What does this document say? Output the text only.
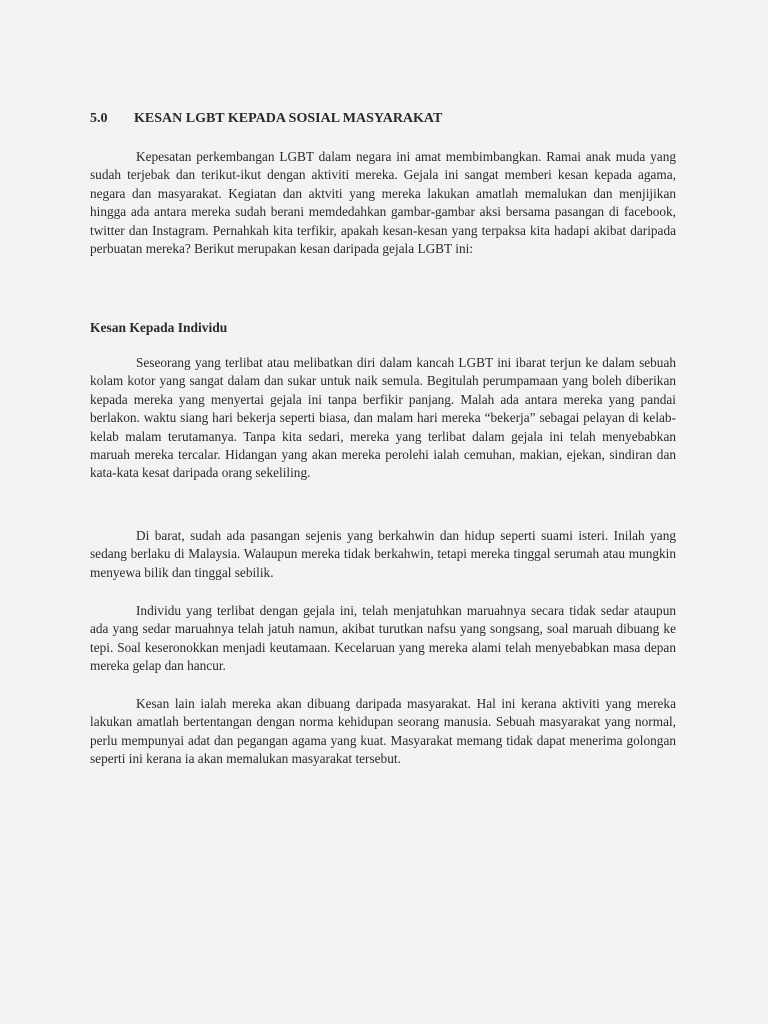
5.0 KESAN LGBT KEPADA SOSIAL MASYARAKAT

Kepesatan perkembangan LGBT dalam negara ini amat membimbangkan. Ramai anak muda yang sudah terjebak dan terikut-ikut dengan aktiviti mereka. Gejala ini sangat memberi kesan kepada agama, negara dan masyarakat. Kegiatan dan aktviti yang mereka lakukan amatlah memalukan dan menjijikan hingga ada antara mereka sudah berani memdedahkan gambar-gambar aksi bersama pasangan di facebook, twitter dan Instagram. Pernahkah kita terfikir, apakah kesan-kesan yang terpaksa kita hadapi akibat daripada perbuatan mereka? Berikut merupakan kesan daripada gejala LGBT ini:

Kesan Kepada Individu

Seseorang yang terlibat atau melibatkan diri dalam kancah LGBT ini ibarat terjun ke dalam sebuah kolam kotor yang sangat dalam dan sukar untuk naik semula. Begitulah perumpamaan yang boleh diberikan kepada mereka yang menyertai gejala ini tanpa berfikir panjang. Malah ada antara mereka yang pandai berlakon. waktu siang hari bekerja seperti biasa, dan malam hari mereka “bekerja” sebagai pelayan di kelab-kelab malam terutamanya. Tanpa kita sedari, mereka yang terlibat dalam gejala ini telah menyebabkan maruah mereka tercalar. Hidangan yang akan mereka perolehi ialah cemuhan, makian, ejekan, sindiran dan kata-kata kesat daripada orang sekeliling.

Di barat, sudah ada pasangan sejenis yang berkahwin dan hidup seperti suami isteri. Inilah yang sedang berlaku di Malaysia. Walaupun mereka tidak berkahwin, tetapi mereka tinggal serumah atau mungkin menyewa bilik dan tinggal sebilik.

Individu yang terlibat dengan gejala ini, telah menjatuhkan maruahnya secara tidak sedar ataupun ada yang sedar maruahnya telah jatuh namun, akibat turutkan nafsu yang songsang, soal maruah dibuang ke tepi. Soal keseronokkan menjadi keutamaan. Kecelaruan yang mereka alami telah menyebabkan masa depan mereka gelap dan hancur.

Kesan lain ialah mereka akan dibuang daripada masyarakat. Hal ini kerana aktiviti yang mereka lakukan amatlah bertentangan dengan norma kehidupan seorang manusia. Sebuah masyarakat yang normal, perlu mempunyai adat dan pegangan agama yang kuat. Masyarakat memang tidak dapat menerima golongan seperti ini kerana ia akan memalukan masyarakat tersebut.
